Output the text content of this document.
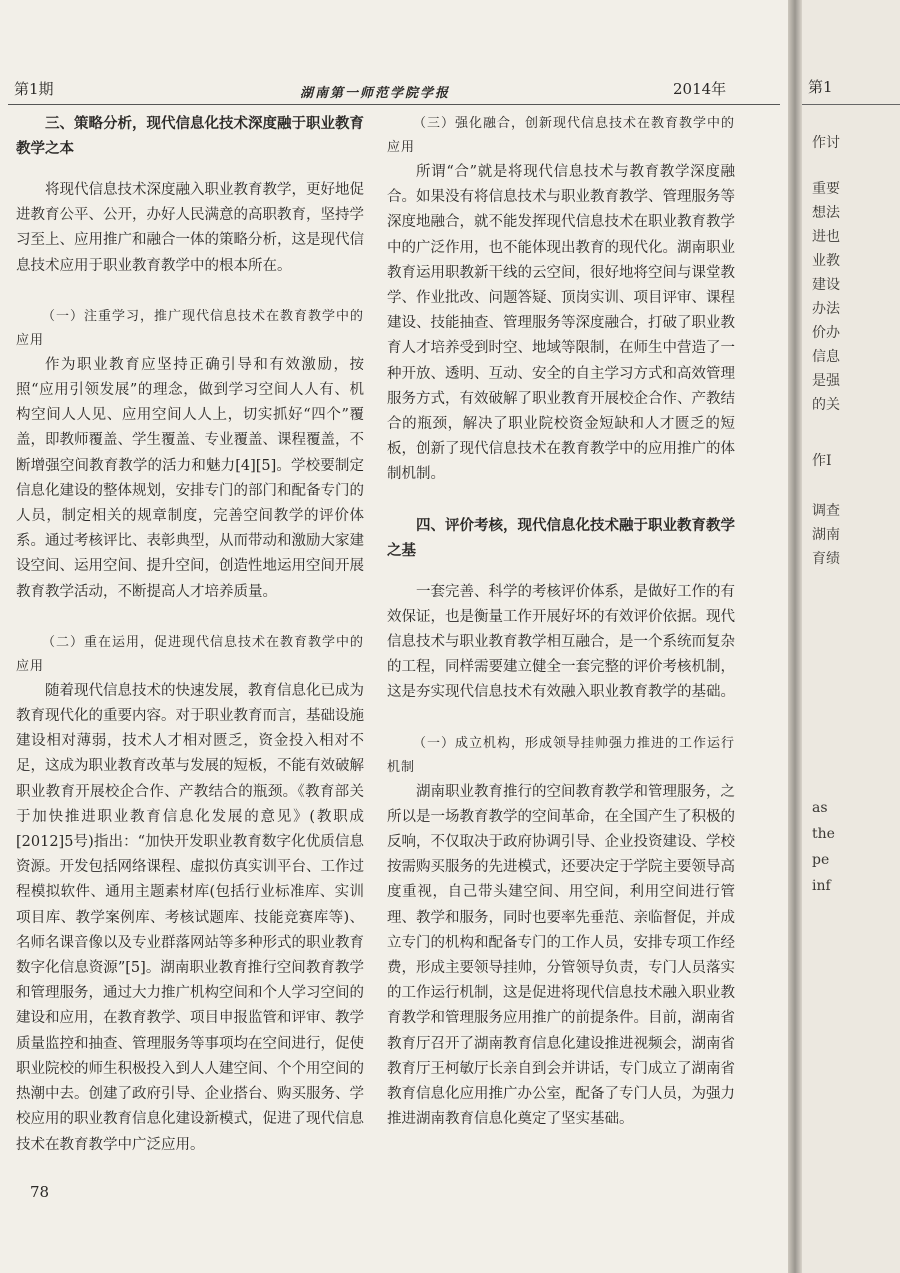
第1期	湖南第一师范学院学报	2014年
三、策略分析，现代信息化技术深度融于职业教育教学之本

将现代信息技术深度融入职业教育教学，更好地促进教育公平、公开，办好人民满意的高职教育，坚持学习至上、应用推广和融合一体的策略分析，这是现代信息技术应用于职业教育教学中的根本所在。

（一）注重学习，推广现代信息技术在教育教学中的应用

作为职业教育应坚持正确引导和有效激励，按照“应用引领发展”的理念，做到学习空间人人有、机构空间人人见、应用空间人人上，切实抓好“四个”覆盖，即教师覆盖、学生覆盖、专业覆盖、课程覆盖，不断增强空间教育教学的活力和魅力[4][5]。学校要制定信息化建设的整体规划，安排专门的部门和配备专门的人员，制定相关的规章制度，完善空间教学的评价体系。通过考核评比、表彰典型，从而带动和激励大家建设空间、运用空间、提升空间，创造性地运用空间开展教育教学活动，不断提高人才培养质量。

（二）重在运用，促进现代信息技术在教育教学中的应用

随着现代信息技术的快速发展，教育信息化已成为教育现代化的重要内容。对于职业教育而言，基础设施建设相对薄弱，技术人才相对匮乏，资金投入相对不足，这成为职业教育改革与发展的短板，不能有效破解职业教育开展校企合作、产教结合的瓶颈。《教育部关于加快推进职业教育信息化发展的意见》(教职成[2012]5号)指出：“加快开发职业教育数字化优质信息资源。开发包括网络课程、虚拟仿真实训平台、工作过程模拟软件、通用主题素材库(包括行业标准库、实训项目库、教学案例库、考核试题库、技能竞赛库等)、名师名课音像以及专业群落网站等多种形式的职业教育数字化信息资源”[5]。湖南职业教育推行空间教育教学和管理服务，通过大力推广机构空间和个人学习空间的建设和应用，在教育教学、项目申报监管和评审、教学质量监控和抽查、管理服务等事项均在空间进行，促使职业院校的师生积极投入到人人建空间、个个用空间的热潮中去。创建了政府引导、企业搭台、购买服务、学校应用的职业教育信息化建设新模式，促进了现代信息技术在教育教学中广泛应用。

（三）强化融合，创新现代信息技术在教育教学中的应用

所谓“合”就是将现代信息技术与教育教学深度融合。如果没有将信息技术与职业教育教学、管理服务等深度地融合，就不能发挥现代信息技术在职业教育教学中的广泛作用，也不能体现出教育的现代化。湖南职业教育运用职教新干线的云空间，很好地将空间与课堂教学、作业批改、问题答疑、顶岗实训、项目评审、课程建设、技能抽查、管理服务等深度融合，打破了职业教育人才培养受到时空、地域等限制，在师生中营造了一种开放、透明、互动、安全的自主学习方式和高效管理服务方式，有效破解了职业教育开展校企合作、产教结合的瓶颈，解决了职业院校资金短缺和人才匮乏的短板，创新了现代信息技术在教育教学中的应用推广的体制机制。

四、评价考核，现代信息化技术融于职业教育教学之基

一套完善、科学的考核评价体系，是做好工作的有效保证，也是衡量工作开展好坏的有效评价依据。现代信息技术与职业教育教学相互融合，是一个系统而复杂的工程，同样需要建立健全一套完整的评价考核机制，这是夯实现代信息技术有效融入职业教育教学的基础。

（一）成立机构，形成领导挂帅强力推进的工作运行机制

湖南职业教育推行的空间教育教学和管理服务，之所以是一场教育教学的空间革命，在全国产生了积极的反响，不仅取决于政府协调引导、企业投资建设、学校按需购买服务的先进模式，还要决定于学院主要领导高度重视，自己带头建空间、用空间，利用空间进行管理、教学和服务，同时也要率先垂范、亲临督促，并成立专门的机构和配备专门的工作人员，安排专项工作经费，形成主要领导挂帅，分管领导负责，专门人员落实的工作运行机制，这是促进将现代信息技术融入职业教育教学和管理服务应用推广的前提条件。目前，湖南省教育厅召开了湖南教育信息化建设推进视频会，湖南省教育厅王柯敏厅长亲自到会并讲话，专门成立了湖南省教育信息化应用推广办公室，配备了专门人员，为强力推进湖南教育信息化奠定了坚实基础。

78
第1
作讨
重要
想法
进也
业教
建设
办法
价办
信息
是强
的关
作I
调查
湖南
育绩
as
the
pe
inf
